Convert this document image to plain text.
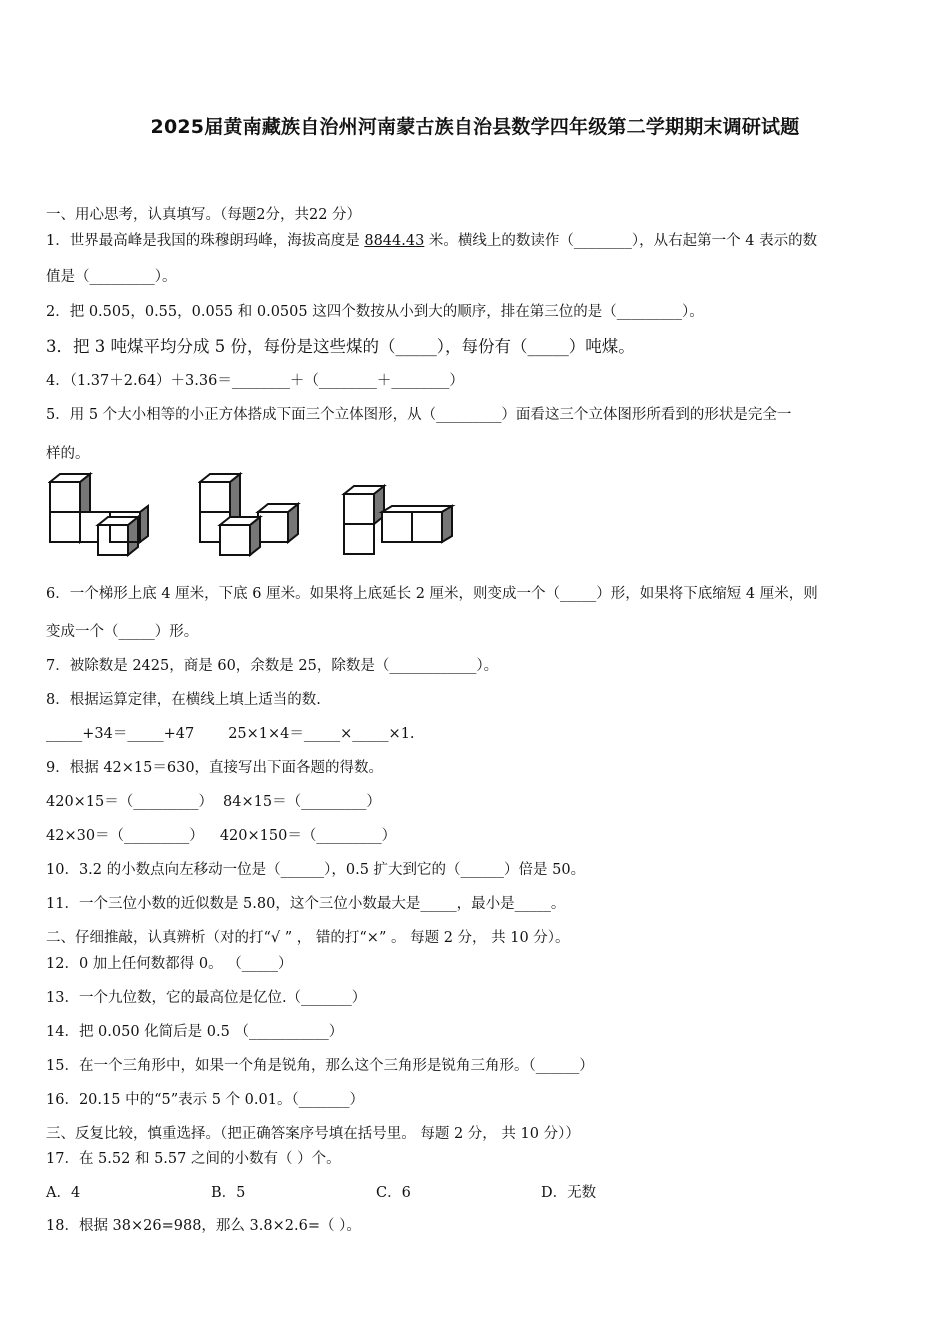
2025届黄南藏族自治州河南蒙古族自治县数学四年级第二学期期末调研试题
一、用心思考，认真填写。（每题2分，共22 分）
1．世界最高峰是我国的珠穆朗玛峰，海拔高度是 8844.43 米。横线上的数读作（________），从右起第一个 4 表示的数
值是（_________）。
2．把 0.505，0.55，0.055 和 0.0505 这四个数按从小到大的顺序，排在第三位的是（_________）。
3．把 3 吨煤平均分成 5 份，每份是这些煤的（_____），每份有（_____）吨煤。
4．（1.37＋2.64）＋3.36＝________＋（________＋________）
5．用 5 个大小相等的小正方体搭成下面三个立体图形，从（_________）面看这三个立体图形所看到的形状是完全一
样的。
6．一个梯形上底 4 厘米，下底 6 厘米。如果将上底延长 2 厘米，则变成一个（_____）形，如果将下底缩短 4 厘米，则
变成一个（_____）形。
7．被除数是 2425，商是 60，余数是 25，除数是（____________）。
8．根据运算定律，在横线上填上适当的数.
_____+34＝_____+47 25×1×4＝_____×_____×1.
9．根据 42×15＝630，直接写出下面各题的得数。
420×15＝（_________） 84×15＝（_________）
42×30＝（_________） 420×150＝（_________）
10．3.2 的小数点向左移动一位是（______），0.5 扩大到它的（______）倍是 50。
11．一个三位小数的近似数是 5.80，这个三位小数最大是_____，最小是_____。
二、仔细推敲，认真辨析（对的打“√ ” ， 错的打“×” 。 每题 2 分， 共 10 分）。
12．0 加上任何数都得 0。 （_____）
13．一个九位数，它的最高位是亿位.（_______）
14．把 0.050 化简后是 0.5 （___________）
15．在一个三角形中，如果一个角是锐角，那么这个三角形是锐角三角形。（______）
16．20.15 中的“5”表示 5 个 0.01。（_______）
三、反复比较，慎重选择。（把正确答案序号填在括号里。 每题 2 分， 共 10 分））
17．在 5.52 和 5.57 之间的小数有（ ）个。
A．4	B．5	C．6	D．无数
18．根据 38×26=988，那么 3.8×2.6=（ ）。
